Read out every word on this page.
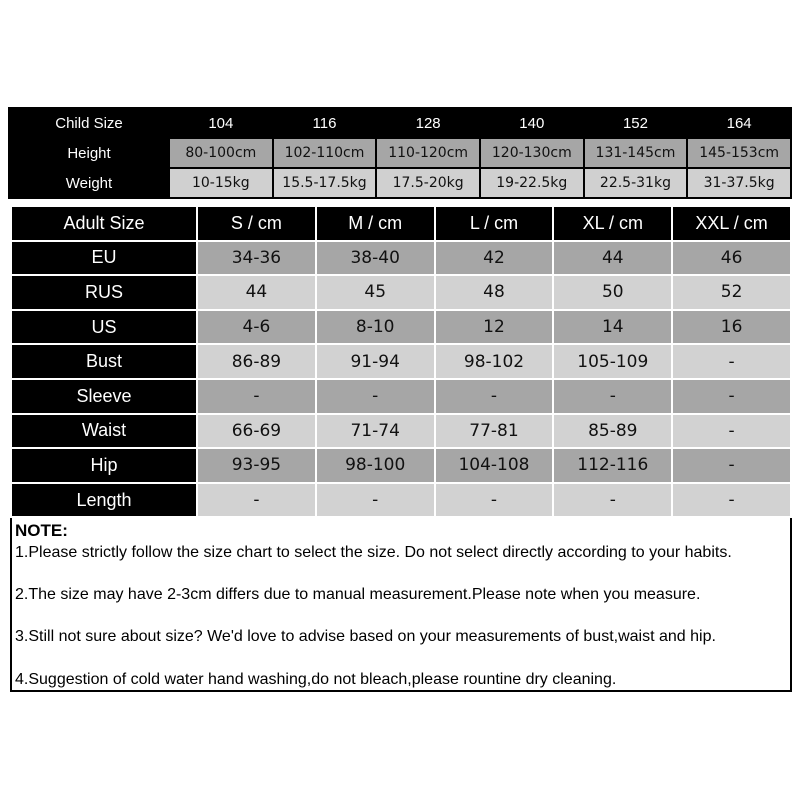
Child Size	104	116	128	140	152	164
Height	80-100cm	102-110cm	110-120cm	120-130cm	131-145cm	145-153cm
Weight	10-15kg	15.5-17.5kg	17.5-20kg	19-22.5kg	22.5-31kg	31-37.5kg
Adult Size	S / cm	M / cm	L / cm	XL / cm	XXL / cm
EU	34-36	38-40	42	44	46
RUS	44	45	48	50	52
US	4-6	8-10	12	14	16
Bust	86-89	91-94	98-102	105-109	-
Sleeve	-	-	-	-	-
Waist	66-69	71-74	77-81	85-89	-
Hip	93-95	98-100	104-108	112-116	-
Length	-	-	-	-	-
NOTE:
1.Please strictly follow the size chart to select the size. Do not select directly according to your habits.
2.The size may have 2-3cm differs due to manual measurement.Please note when you measure.
3.Still not sure about size? We'd love to advise based on your measurements of bust,waist and hip.
4.Suggestion of cold water hand washing,do not bleach,please rountine dry cleaning.
